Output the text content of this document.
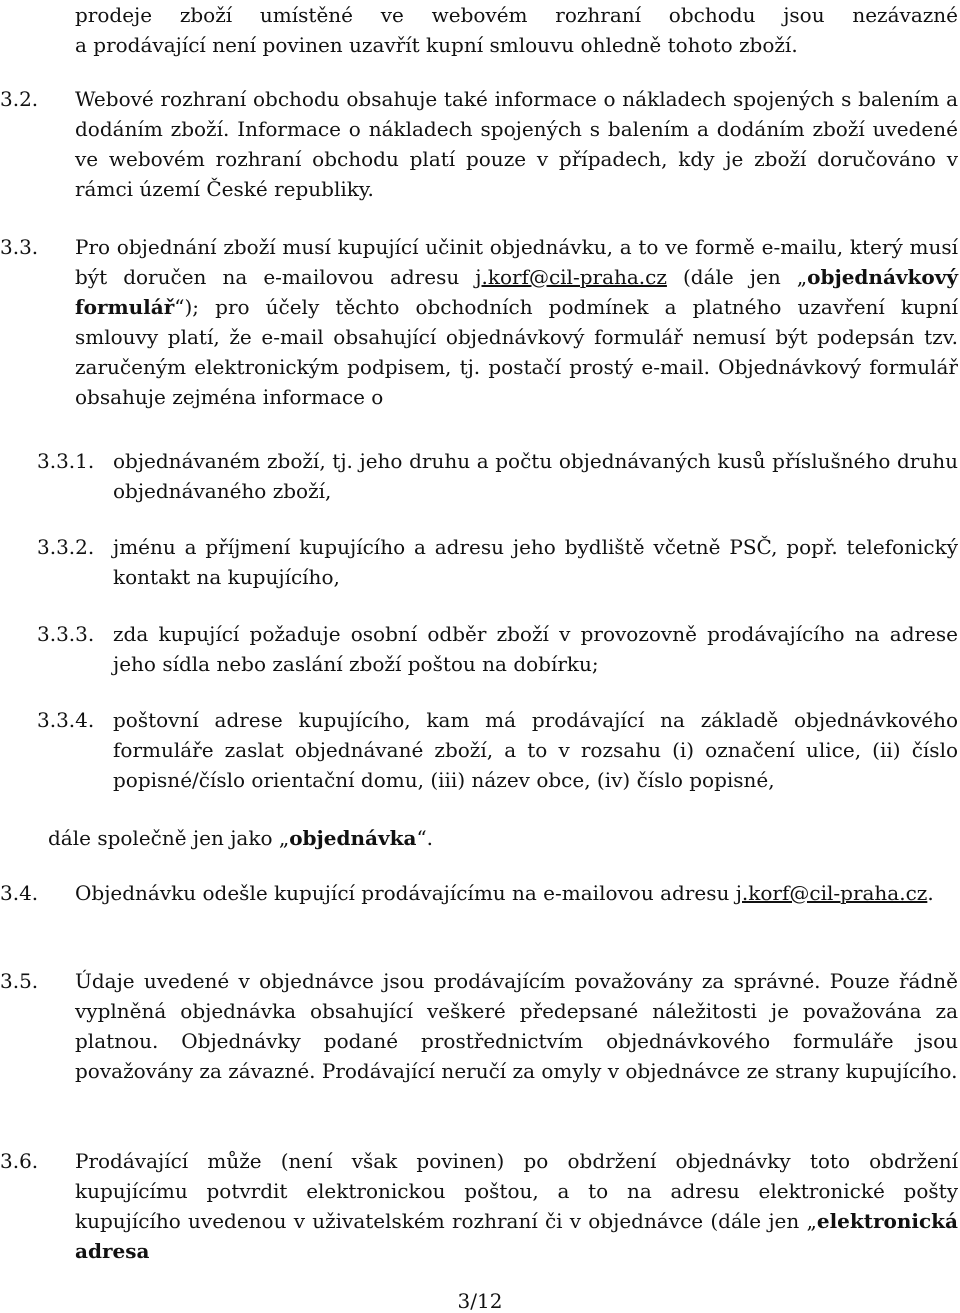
prodeje zboží umístěné ve webovém rozhraní obchodu jsou nezávazné
a prodávající není povinen uzavřít kupní smlouvu ohledně tohoto zboží.
3.2. Webové rozhraní obchodu obsahuje také informace o nákladech spojených s balením a dodáním zboží. Informace o nákladech spojených s balením a dodáním zboží uvedené ve webovém rozhraní obchodu platí pouze v případech, kdy je zboží doručováno v rámci území České republiky.
3.3. Pro objednání zboží musí kupující učinit objednávku, a to ve formě e-mailu, který musí být doručen na e-mailovou adresu j.korf@cil-praha.cz (dále jen „objednávkový formulář“); pro účely těchto obchodních podmínek a platného uzavření kupní smlouvy platí, že e-mail obsahující objednávkový formulář nemusí být podepsán tzv. zaručeným elektronickým podpisem, tj. postačí prostý e-mail. Objednávkový formulář obsahuje zejména informace o
3.3.1. objednávaném zboží, tj. jeho druhu a počtu objednávaných kusů příslušného druhu objednávaného zboží,
3.3.2. jménu a příjmení kupujícího a adresu jeho bydliště včetně PSČ, popř. telefonický kontakt na kupujícího,
3.3.3. zda kupující požaduje osobní odběr zboží v provozovně prodávajícího na adrese jeho sídla nebo zaslání zboží poštou na dobírku;
3.3.4. poštovní adrese kupujícího, kam má prodávající na základě objednávkového formuláře zaslat objednávané zboží, a to v rozsahu (i) označení ulice, (ii) číslo popisné/číslo orientační domu, (iii) název obce, (iv) číslo popisné,
dále společně jen jako „objednávka“.
3.4. Objednávku odešle kupující prodávajícímu na e-mailovou adresu j.korf@cil-praha.cz.
3.5. Údaje uvedené v objednávce jsou prodávajícím považovány za správné. Pouze řádně vyplněná objednávka obsahující veškeré předepsané náležitosti je považována za platnou. Objednávky podané prostřednictvím objednávkového formuláře jsou považovány za závazné. Prodávající neručí za omyly v objednávce ze strany kupujícího.
3.6. Prodávající může (není však povinen) po obdržení objednávky toto obdržení kupujícímu potvrdit elektronickou poštou, a to na adresu elektronické pošty kupujícího uvedenou v uživatelském rozhraní či v objednávce (dále jen „elektronická adresa
3/12
